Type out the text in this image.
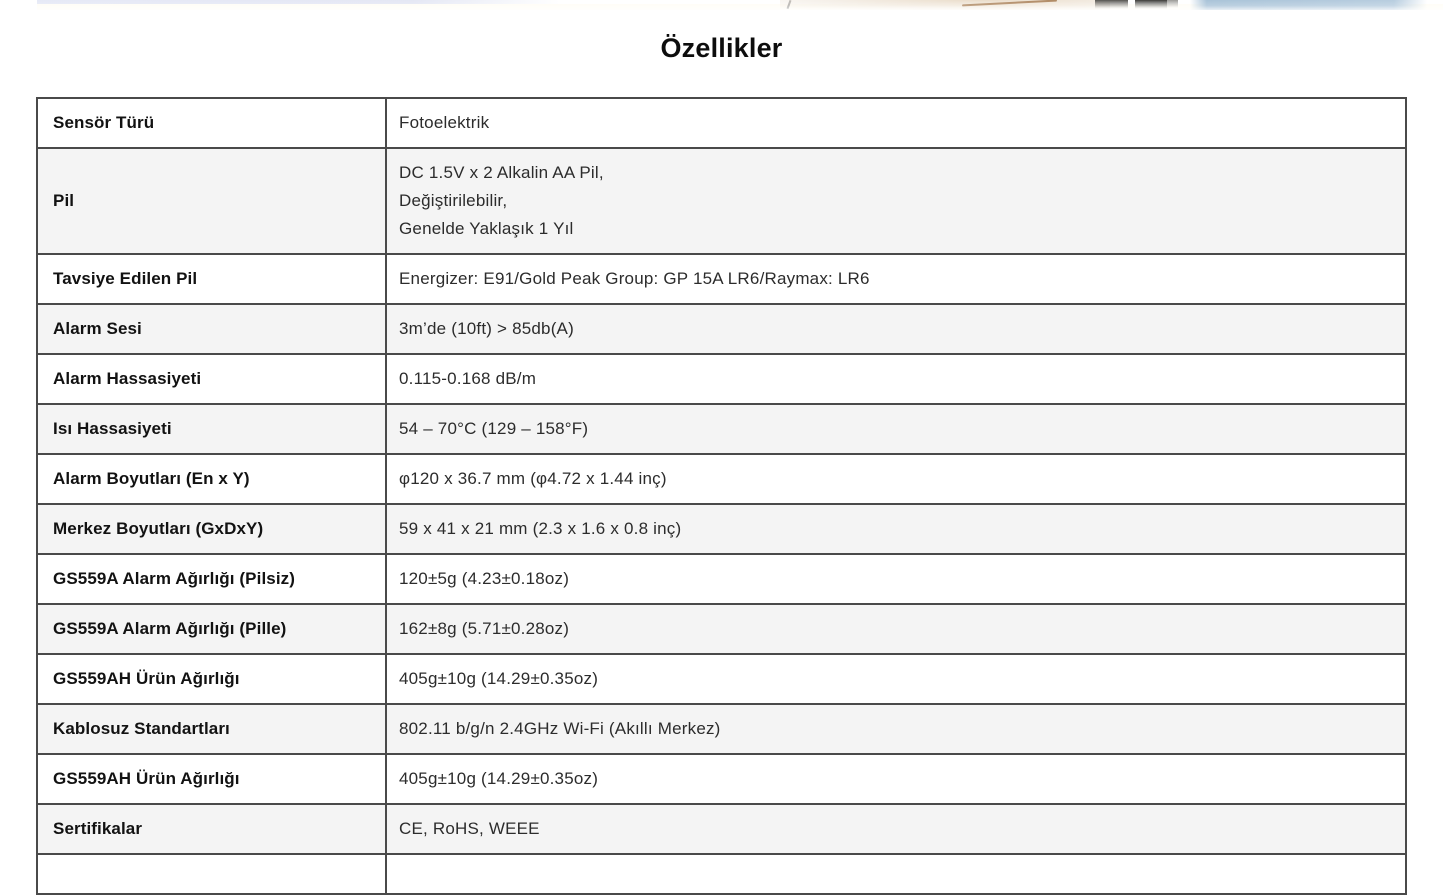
Özellikler
Sensör Türü	Fotoelektrik
Pil	DC 1.5V x 2 Alkalin AA Pil,
Değiştirilebilir,
Genelde Yaklaşık 1 Yıl
Tavsiye Edilen Pil	Energizer: E91/Gold Peak Group: GP 15A LR6/Raymax: LR6
Alarm Sesi	3m’de (10ft) > 85db(A)
Alarm Hassasiyeti	0.115-0.168 dB/m
Isı Hassasiyeti	54 – 70°C (129 – 158°F)
Alarm Boyutları (En x Y)	φ120 x 36.7 mm (φ4.72 x 1.44 inç)
Merkez Boyutları (GxDxY)	59 x 41 x 21 mm (2.3 x 1.6 x 0.8 inç)
GS559A Alarm Ağırlığı (Pilsiz)	120±5g (4.23±0.18oz)
GS559A Alarm Ağırlığı (Pille)	162±8g (5.71±0.28oz)
GS559AH Ürün Ağırlığı	405g±10g (14.29±0.35oz)
Kablosuz Standartları	802.11 b/g/n 2.4GHz Wi-Fi (Akıllı Merkez)
GS559AH Ürün Ağırlığı	405g±10g (14.29±0.35oz)
Sertifikalar	CE, RoHS, WEEE
